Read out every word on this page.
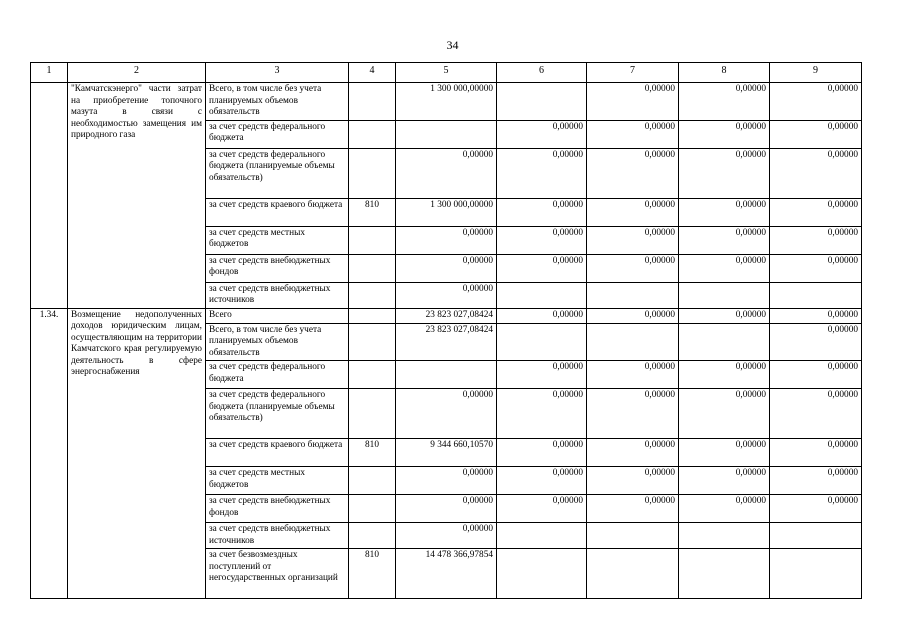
34
1	2	3	4	5	6	7	8	9
	"Камчатскэнерго" части затрат на приобретение топочного мазута в связи с необходимостью замещения им природного газа	Всего, в том числе без учета планируемых объемов обязательств		1 300 000,00000		0,00000	0,00000	0,00000
		за счет средств федерального бюджета			0,00000	0,00000	0,00000	0,00000
		за счет средств федерального бюджета (планируемые объемы обязательств)		0,00000	0,00000	0,00000	0,00000	0,00000
		за счет средств краевого бюджета	810	1 300 000,00000	0,00000	0,00000	0,00000	0,00000
		за счет средств местных бюджетов		0,00000	0,00000	0,00000	0,00000	0,00000
		за счет средств внебюджетных фондов		0,00000	0,00000	0,00000	0,00000	0,00000
		за счет средств внебюджетных источников		0,00000				
1.34.	Возмещение недополученных доходов юридическим лицам, осуществляющим на территории Камчатского края регулируемую деятельность в сфере энергоснабжения	Всего		23 823 027,08424	0,00000	0,00000	0,00000	0,00000
		Всего, в том числе без учета планируемых объемов обязательств		23 823 027,08424				0,00000
		за счет средств федерального бюджета			0,00000	0,00000	0,00000	0,00000
		за счет средств федерального бюджета (планируемые объемы обязательств)		0,00000	0,00000	0,00000	0,00000	0,00000
		за счет средств краевого бюджета	810	9 344 660,10570	0,00000	0,00000	0,00000	0,00000
		за счет средств местных бюджетов		0,00000	0,00000	0,00000	0,00000	0,00000
		за счет средств внебюджетных фондов		0,00000	0,00000	0,00000	0,00000	0,00000
		за счет средств внебюджетных источников		0,00000				
		за счет безвозмездных поступлений от негосударственных организаций	810	14 478 366,97854				
